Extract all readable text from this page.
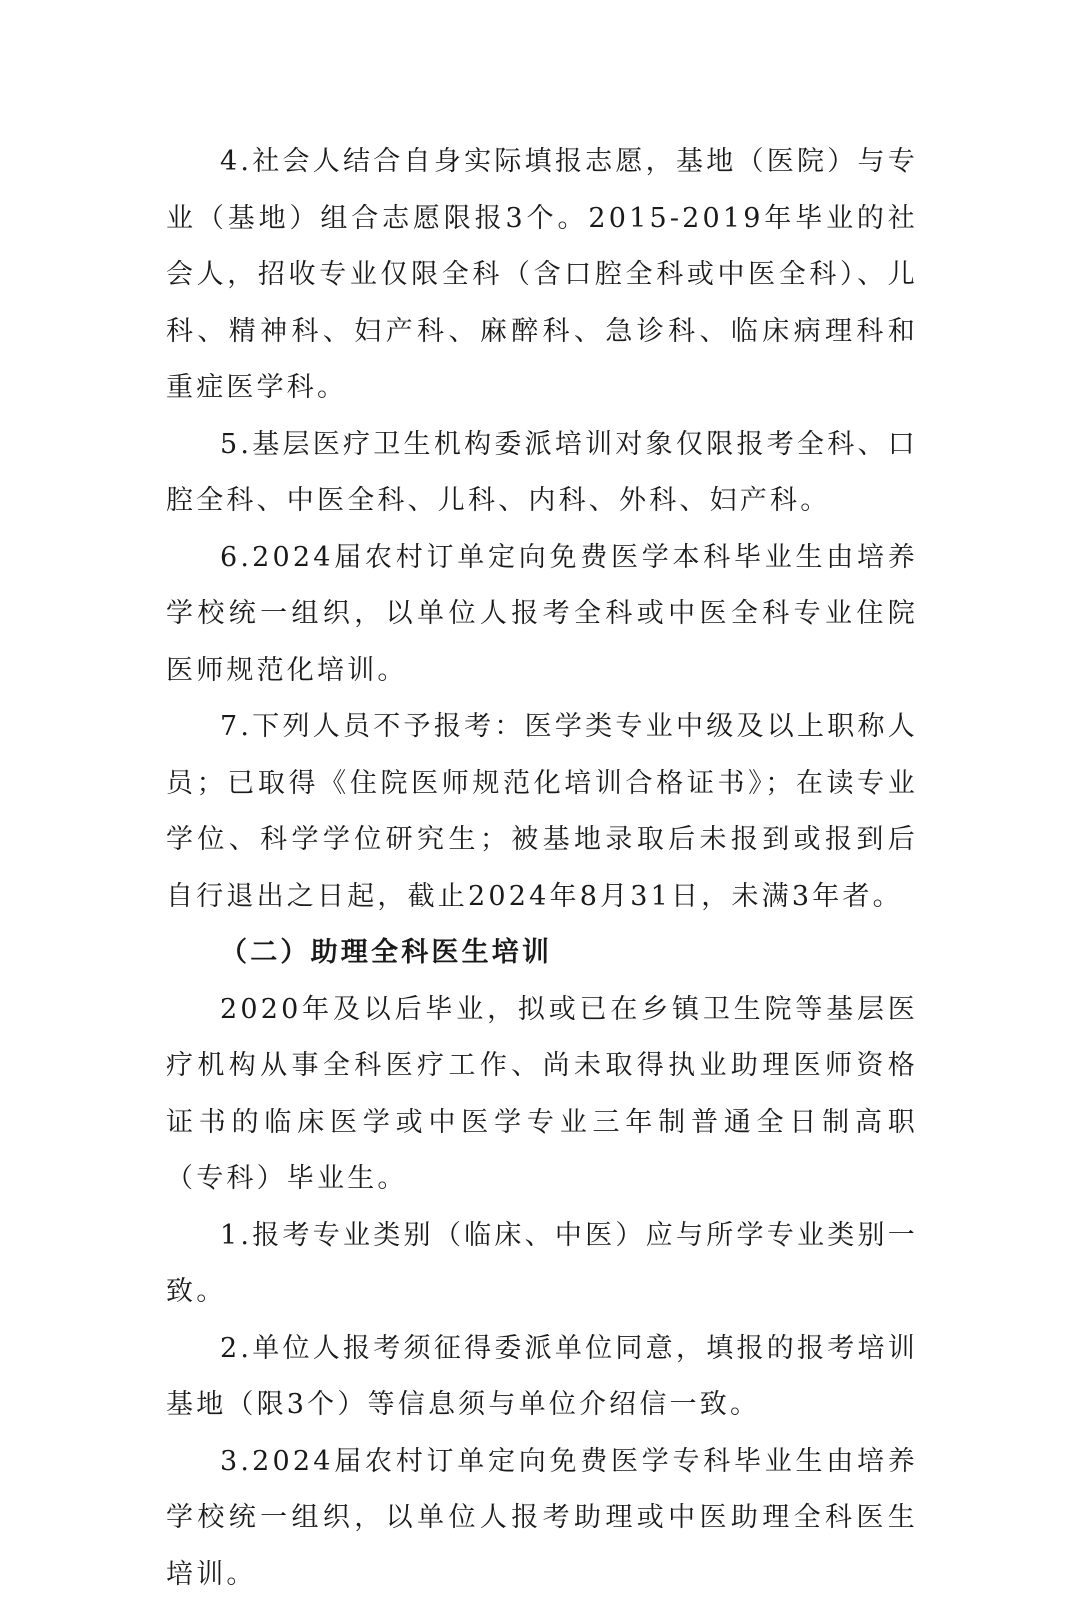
4.社会人结合自身实际填报志愿，基地（医院）与专业（基地）组合志愿限报3个。2015-2019年毕业的社会人，招收专业仅限全科（含口腔全科或中医全科）、儿科、精神科、妇产科、麻醉科、急诊科、临床病理科和重症医学科。

5.基层医疗卫生机构委派培训对象仅限报考全科、口腔全科、中医全科、儿科、内科、外科、妇产科。

6.2024届农村订单定向免费医学本科毕业生由培养学校统一组织，以单位人报考全科或中医全科专业住院医师规范化培训。

7.下列人员不予报考：医学类专业中级及以上职称人员；已取得《住院医师规范化培训合格证书》；在读专业学位、科学学位研究生；被基地录取后未报到或报到后自行退出之日起，截止2024年8月31日，未满3年者。

（二）助理全科医生培训

2020年及以后毕业，拟或已在乡镇卫生院等基层医疗机构从事全科医疗工作、尚未取得执业助理医师资格证书的临床医学或中医学专业三年制普通全日制高职（专科）毕业生。

1.报考专业类别（临床、中医）应与所学专业类别一致。

2.单位人报考须征得委派单位同意，填报的报考培训基地（限3个）等信息须与单位介绍信一致。

3.2024届农村订单定向免费医学专科毕业生由培养学校统一组织，以单位人报考助理或中医助理全科医生培训。
